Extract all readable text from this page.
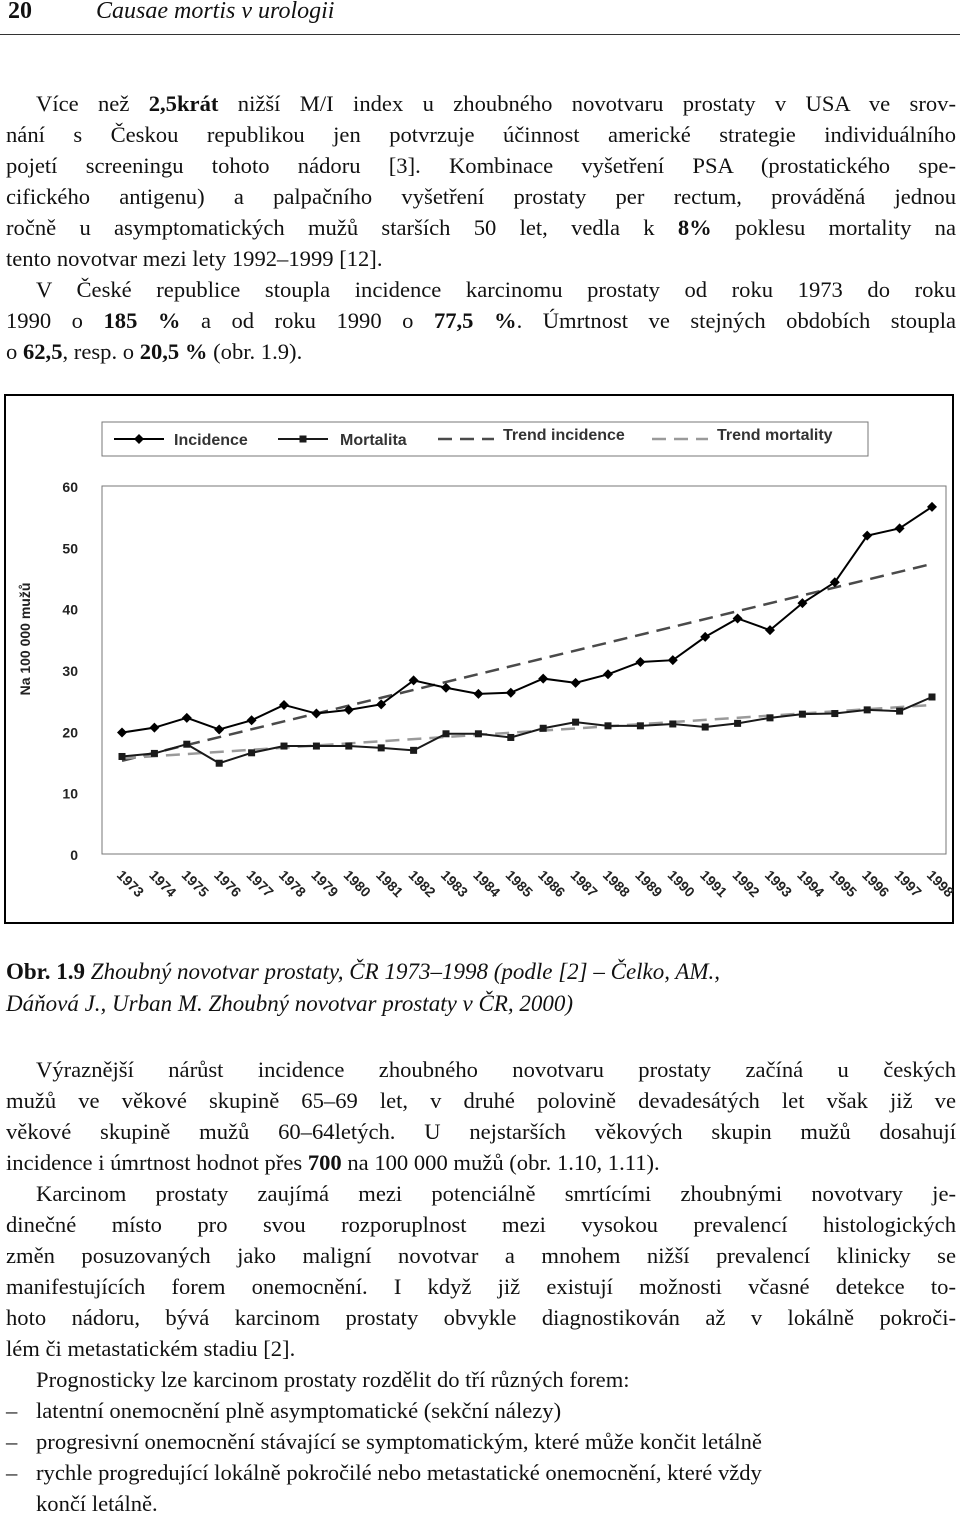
20	Causae mortis v urologii
Více než 2,5krát nižší M/I index u zhoubného novotvaru prostaty v USA ve srov-
nání s Českou republikou jen potvrzuje účinnost americké strategie individuálního
pojetí screeningu tohoto nádoru [3]. Kombinace vyšetření PSA (prostatického spe-
cifického antigenu) a palpačního vyšetření prostaty per rectum, prováděná jednou
ročně u asymptomatických mužů starších 50 let, vedla k 8% poklesu mortality na
tento novotvar mezi lety 1992–1999 [12].
V České republice stoupla incidence karcinomu prostaty od roku 1973 do roku
1990 o 185 % a od roku 1990 o 77,5 %. Úmrtnost ve stejných obdobích stoupla
o 62,5, resp. o 20,5 % (obr. 1.9).
0
10
20
30
40
50
60
Na 100 000 mužů
1973 1974 1975 1976 1977 1978 1979 1980 1981 1982 1983 1984 1985 1986 1987 1988 1989 1990 1991 1992 1993 1994 1995 1996 1997 1998
Incidence	Mortalita	Trend incidence	Trend mortality
Obr. 1.9 Zhoubný novotvar prostaty, ČR 1973–1998 (podle [2] – Čelko, AM.,
Dáňová J., Urban M. Zhoubný novotvar prostaty v ČR, 2000)
Výraznější nárůst incidence zhoubného novotvaru prostaty začíná u českých
mužů ve věkové skupině 65–69 let, v druhé polovině devadesátých let však již ve
věkové skupině mužů 60–64letých. U nejstarších věkových skupin mužů dosahují
incidence i úmrtnost hodnot přes 700 na 100 000 mužů (obr. 1.10, 1.11).
Karcinom prostaty zaujímá mezi potenciálně smrtícími zhoubnými novotvary je-
dinečné místo pro svou rozporuplnost mezi vysokou prevalencí histologických
změn posuzovaných jako maligní novotvar a mnohem nižší prevalencí klinicky se
manifestujících forem onemocnění. I když již existují možnosti včasné detekce to-
hoto nádoru, bývá karcinom prostaty obvykle diagnostikován až v lokálně pokroči-
lém či metastatickém stadiu [2].
Prognosticky lze karcinom prostaty rozdělit do tří různých forem:
– latentní onemocnění plně asymptomatické (sekční nálezy)
– progresivní onemocnění stávající se symptomatickým, které může končit letálně
– rychle progredující lokálně pokročilé nebo metastatické onemocnění, které vždy
končí letálně.
